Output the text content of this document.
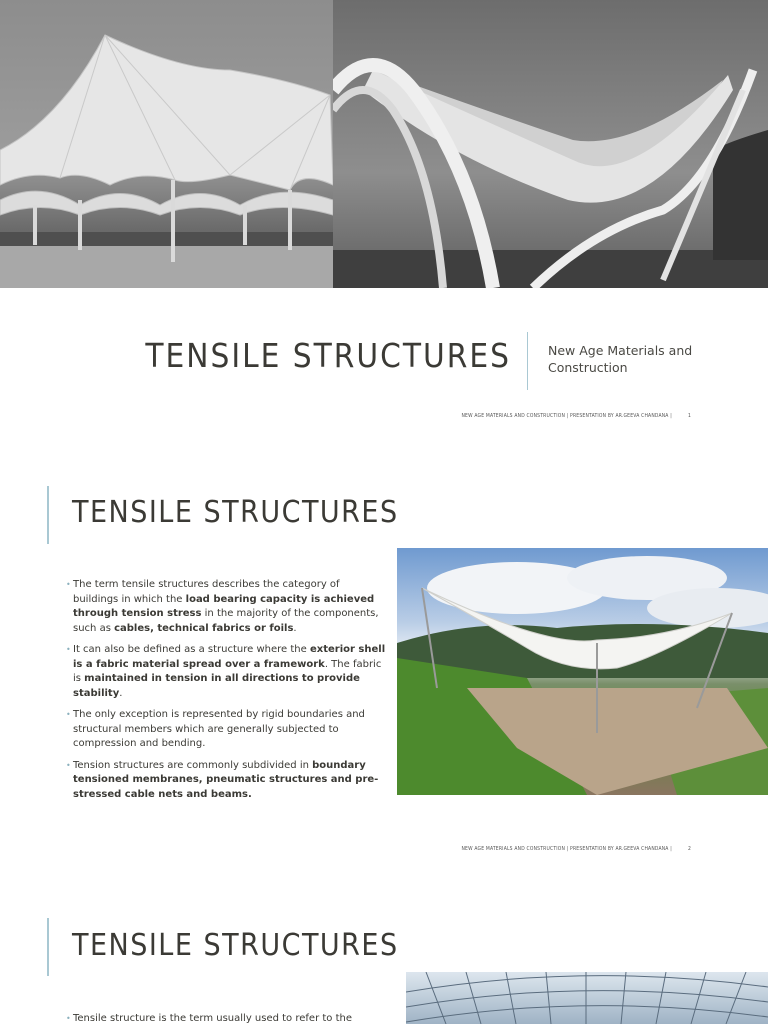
TENSILE STRUCTURES	New Age Materials and Construction
NEW AGE MATERIALS AND CONSTRUCTION | PRESENTATION BY AR.GEEVA CHANDANA |	1
TENSILE STRUCTURES
• The term tensile structures describes the category of buildings in which the load bearing capacity is achieved through tension stress in the majority of the components, such as cables, technical fabrics or foils.
• It can also be defined as a structure where the exterior shell is a fabric material spread over a framework. The fabric is maintained in tension in all directions to provide stability.
• The only exception is represented by rigid boundaries and structural members which are generally subjected to compression and bending.
• Tension structures are commonly subdivided in boundary tensioned membranes, pneumatic structures and pre-stressed cable nets and beams.
NEW AGE MATERIALS AND CONSTRUCTION | PRESENTATION BY AR.GEEVA CHANDANA |	2
TENSILE STRUCTURES
• Tensile structure is the term usually used to refer to the
